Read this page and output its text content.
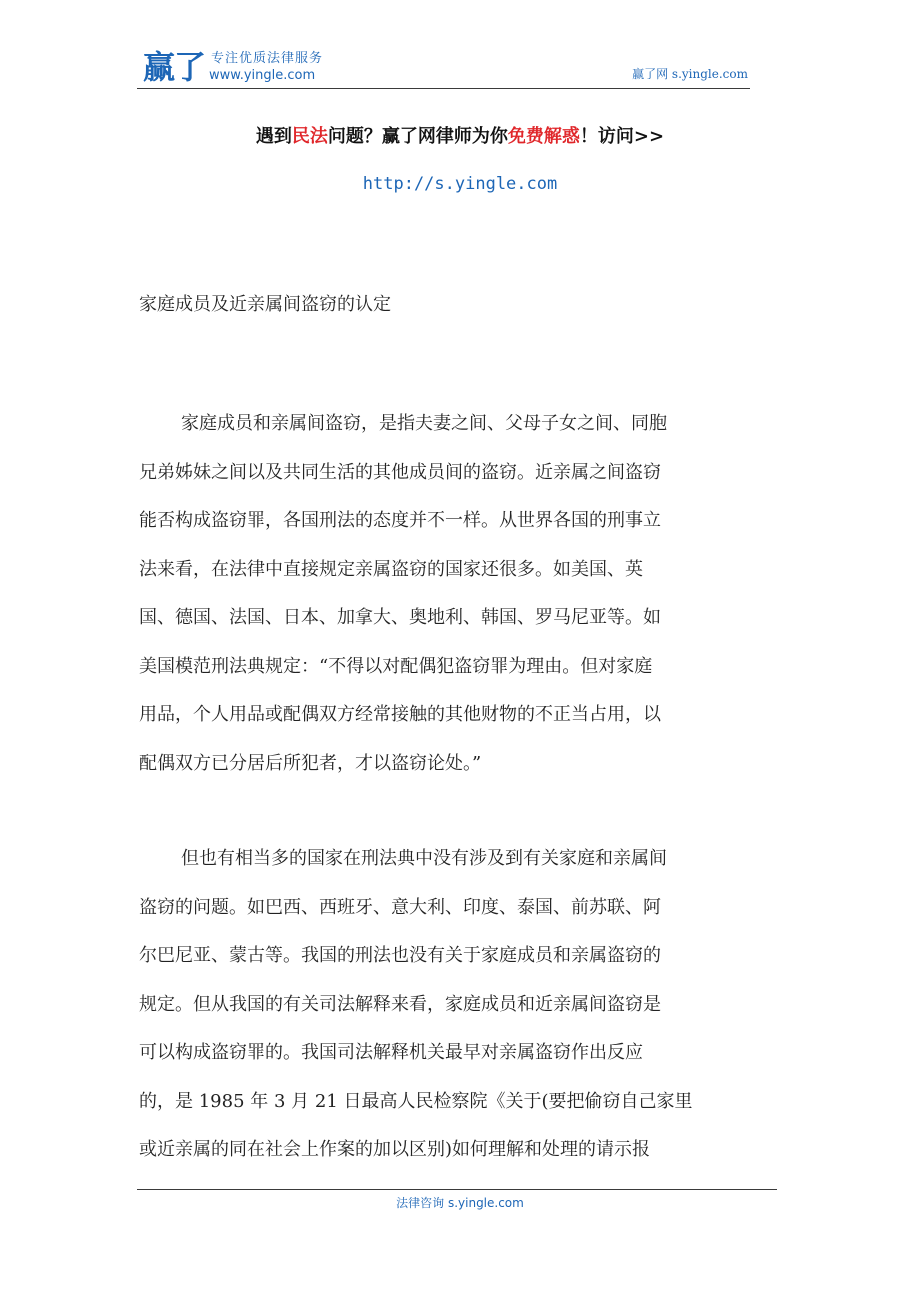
赢了 专注优质法律服务
www.yingle.com	赢了网 s.yingle.com
遇到民法问题？赢了网律师为你免费解惑！访问>>
http://s.yingle.com
家庭成员及近亲属间盗窃的认定
家庭成员和亲属间盗窃，是指夫妻之间、父母子女之间、同胞
兄弟姊妹之间以及共同生活的其他成员间的盗窃。近亲属之间盗窃
能否构成盗窃罪，各国刑法的态度并不一样。从世界各国的刑事立
法来看，在法律中直接规定亲属盗窃的国家还很多。如美国、英
国、德国、法国、日本、加拿大、奥地利、韩国、罗马尼亚等。如
美国模范刑法典规定：“不得以对配偶犯盗窃罪为理由。但对家庭
用品，个人用品或配偶双方经常接触的其他财物的不正当占用，以
配偶双方已分居后所犯者，才以盗窃论处。”
但也有相当多的国家在刑法典中没有涉及到有关家庭和亲属间
盗窃的问题。如巴西、西班牙、意大利、印度、泰国、前苏联、阿
尔巴尼亚、蒙古等。我国的刑法也没有关于家庭成员和亲属盗窃的
规定。但从我国的有关司法解释来看，家庭成员和近亲属间盗窃是
可以构成盗窃罪的。我国司法解释机关最早对亲属盗窃作出反应
的，是 1985 年 3 月 21 日最高人民检察院《关于(要把偷窃自己家里
或近亲属的同在社会上作案的加以区别)如何理解和处理的请示报
法律咨询 s.yingle.com
